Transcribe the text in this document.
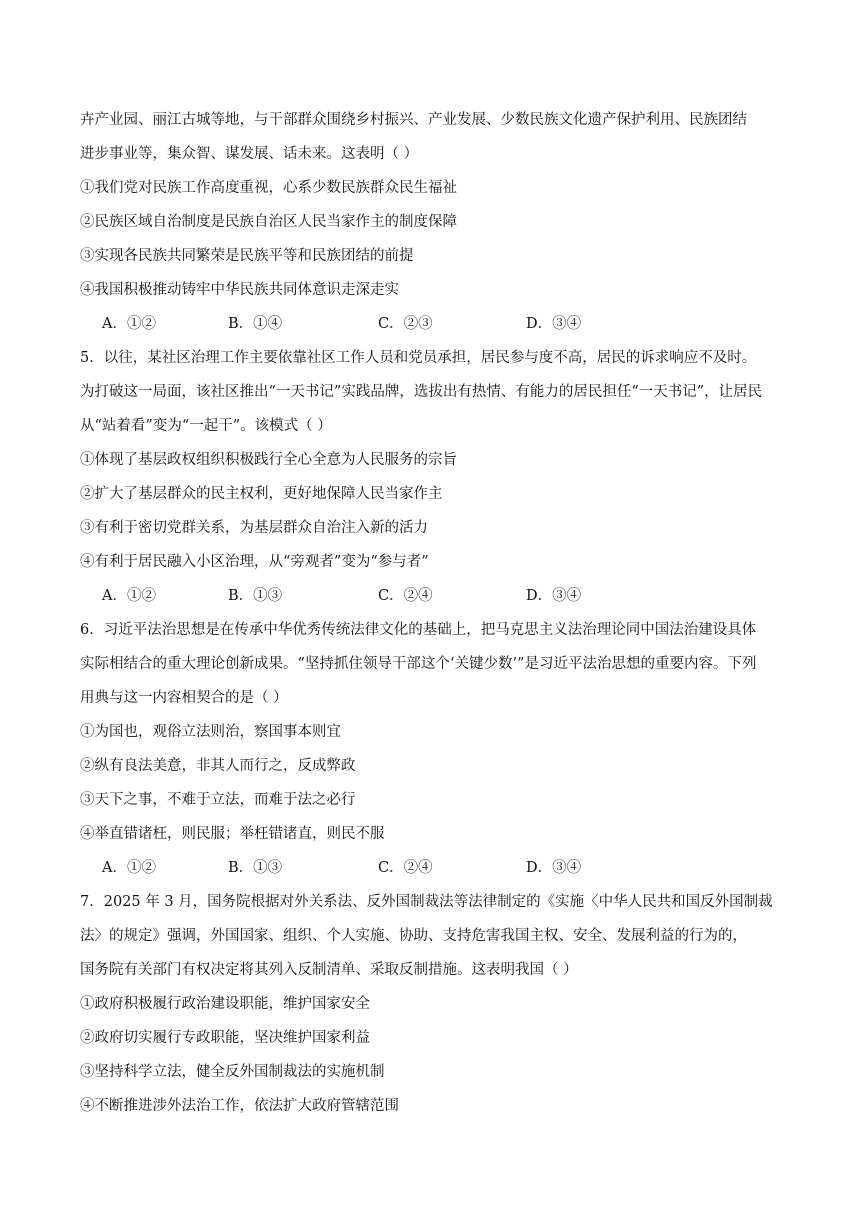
卉产业园、丽江古城等地，与干部群众围绕乡村振兴、产业发展、少数民族文化遗产保护利用、民族团结
进步事业等，集众智、谋发展、话未来。这表明（ ）
①我们党对民族工作高度重视，心系少数民族群众民生福祉
②民族区域自治制度是民族自治区人民当家作主的制度保障
③实现各民族共同繁荣是民族平等和民族团结的前提
④我国积极推动铸牢中华民族共同体意识走深走实
A．①②	B．①④	C．②③	D．③④
5．以往，某社区治理工作主要依靠社区工作人员和党员承担，居民参与度不高，居民的诉求响应不及时。
为打破这一局面，该社区推出“一天书记”实践品牌，选拔出有热情、有能力的居民担任“一天书记”，让居民
从“站着看”变为“一起干”。该模式（ ）
①体现了基层政权组织积极践行全心全意为人民服务的宗旨
②扩大了基层群众的民主权利，更好地保障人民当家作主
③有利于密切党群关系，为基层群众自治注入新的活力
④有利于居民融入小区治理，从“旁观者”变为“参与者”
A．①②	B．①③	C．②④	D．③④
6．习近平法治思想是在传承中华优秀传统法律文化的基础上，把马克思主义法治理论同中国法治建设具体
实际相结合的重大理论创新成果。“坚持抓住领导干部这个‘关键少数’”是习近平法治思想的重要内容。下列
用典与这一内容相契合的是（ ）
①为国也，观俗立法则治，察国事本则宜
②纵有良法美意，非其人而行之，反成弊政
③天下之事，不难于立法，而难于法之必行
④举直错诸枉，则民服；举枉错诸直，则民不服
A．①②	B．①③	C．②④	D．③④
7．2025 年 3 月，国务院根据对外关系法、反外国制裁法等法律制定的《实施〈中华人民共和国反外国制裁
法〉的规定》强调，外国国家、组织、个人实施、协助、支持危害我国主权、安全、发展利益的行为的，
国务院有关部门有权决定将其列入反制清单、采取反制措施。这表明我国（ ）
①政府积极履行政治建设职能，维护国家安全
②政府切实履行专政职能，坚决维护国家利益
③坚持科学立法，健全反外国制裁法的实施机制
④不断推进涉外法治工作，依法扩大政府管辖范围
